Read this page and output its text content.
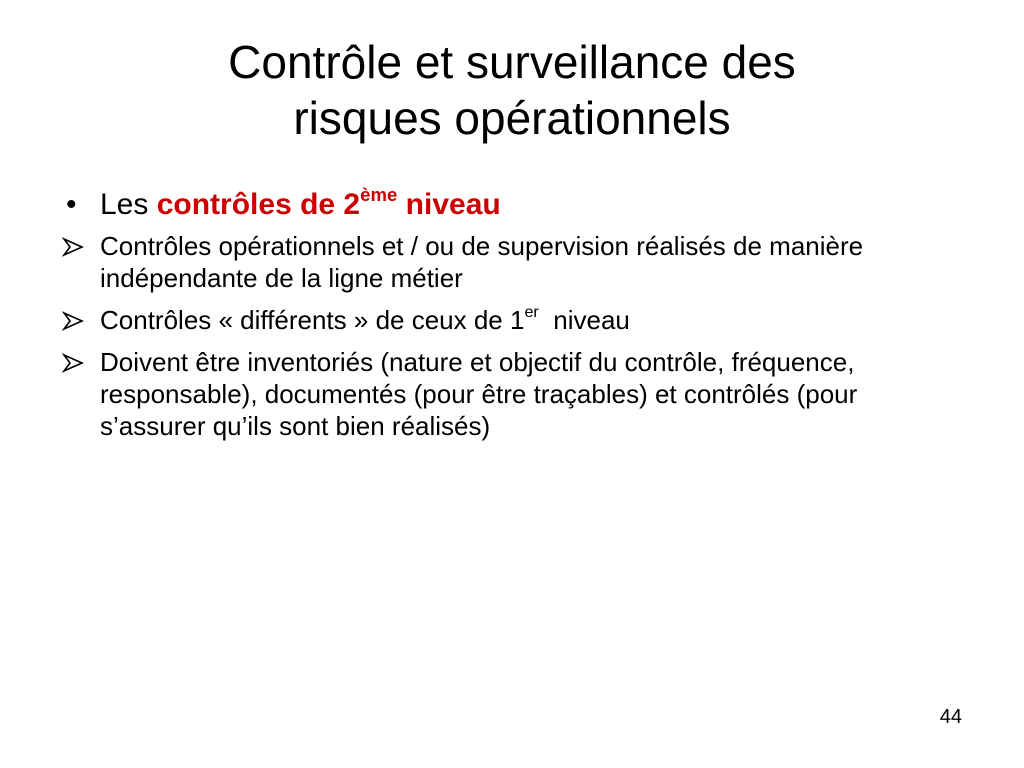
Contrôle et surveillance des
risques opérationnels
• Les contrôles de 2ème niveau
Contrôles opérationnels et / ou de supervision réalisés de manière indépendante de la ligne métier
Contrôles « différents » de ceux de 1er  niveau
Doivent être inventoriés (nature et objectif du contrôle, fréquence, responsable), documentés (pour être traçables) et contrôlés (pour s’assurer qu’ils sont bien réalisés)
44
